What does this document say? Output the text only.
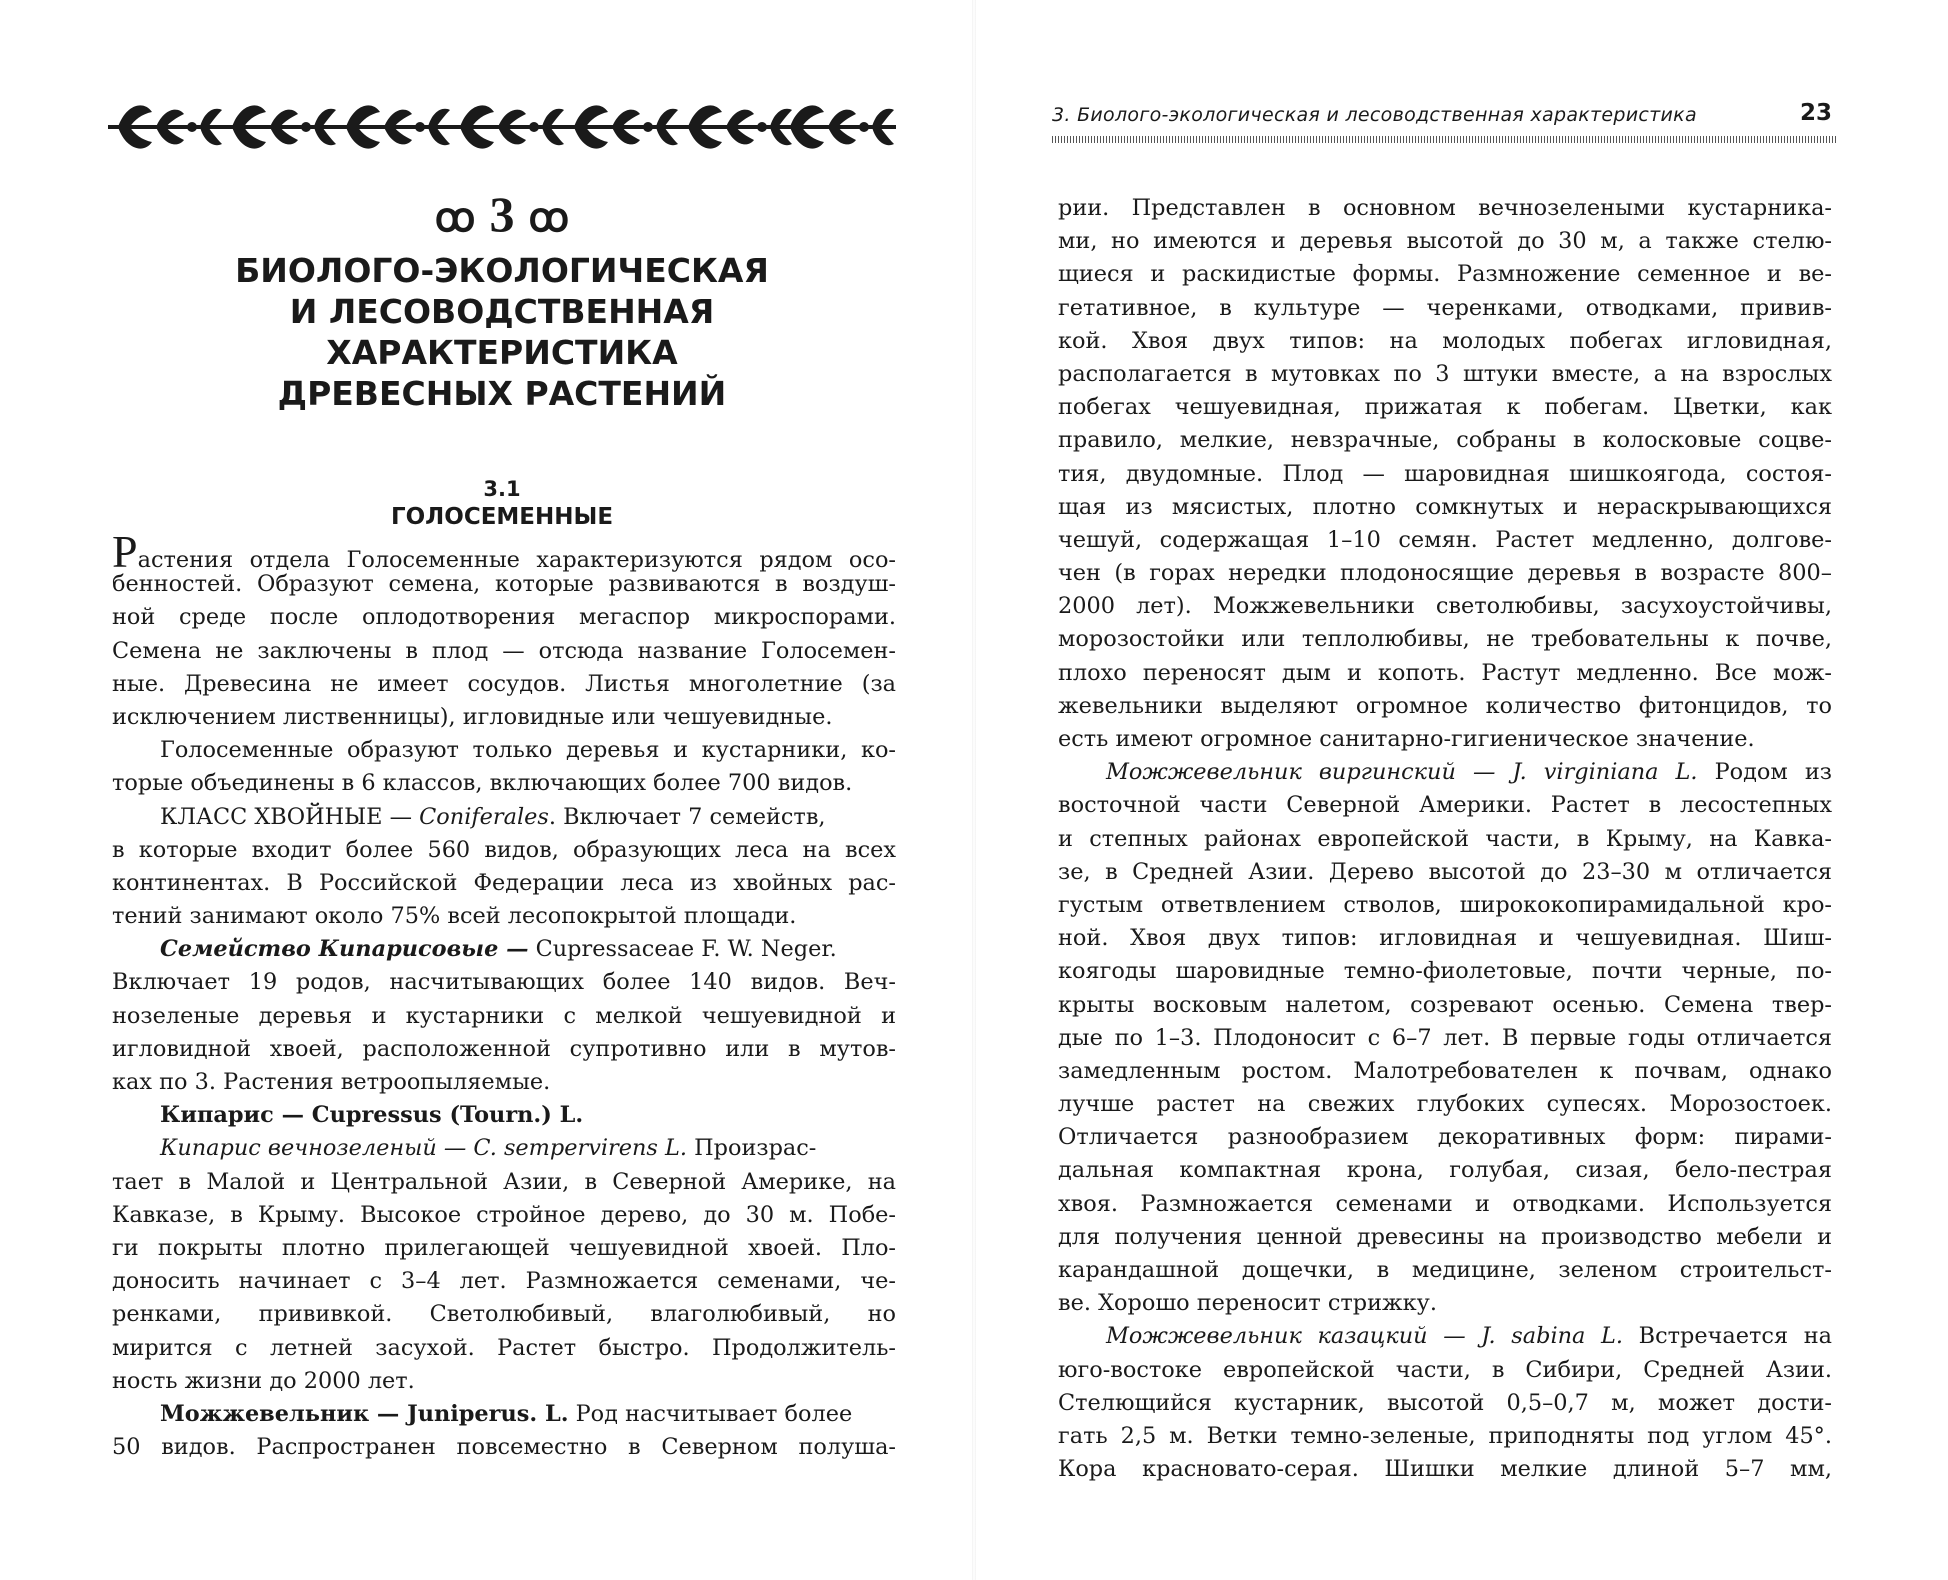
ꝏ 3 ꝏ
БИОЛОГО-ЭКОЛОГИЧЕСКАЯ
И ЛЕСОВОДСТВЕННАЯ
ХАРАКТЕРИСТИКА
ДРЕВЕСНЫХ РАСТЕНИЙ
3.1
ГОЛОСЕМЕННЫЕ
Растения отдела Голосеменные характеризуются рядом осо-
бенностей. Образуют семена, которые развиваются в воздуш-
ной среде после оплодотворения мегаспор микроспорами.
Семена не заключены в плод — отсюда название Голосемен-
ные. Древесина не имеет сосудов. Листья многолетние (за
исключением лиственницы), игловидные или чешуевидные.
Голосеменные образуют только деревья и кустарники, ко-
торые объединены в 6 классов, включающих более 700 видов.
КЛАСС ХВОЙНЫЕ — Coniferales. Включает 7 семейств,
в которые входит более 560 видов, образующих леса на всех
континентах. В Российской Федерации леса из хвойных рас-
тений занимают около 75% всей лесопокрытой площади.
Семейство Кипарисовые — Cupressaceae F. W. Neger.
Включает 19 родов, насчитывающих более 140 видов. Веч-
нозеленые деревья и кустарники с мелкой чешуевидной и
игловидной хвоей, расположенной супротивно или в мутов-
ках по 3. Растения ветроопыляемые.
Кипарис — Cupressus (Tourn.) L.
Кипарис вечнозеленый — C. sempervirens L. Произрас-
тает в Малой и Центральной Азии, в Северной Америке, на
Кавказе, в Крыму. Высокое стройное дерево, до 30 м. Побе-
ги покрыты плотно прилегающей чешуевидной хвоей. Пло-
доносить начинает с 3–4 лет. Размножается семенами, че-
ренками, прививкой. Светолюбивый, влаголюбивый, но
мирится с летней засухой. Растет быстро. Продолжитель-
ность жизни до 2000 лет.
Можжевельник — Juniperus. L. Род насчитывает более
50 видов. Распространен повсеместно в Северном полуша-
3. Биолого-экологическая и лесоводственная характеристика	23
рии. Представлен в основном вечнозелеными кустарника-
ми, но имеются и деревья высотой до 30 м, а также стелю-
щиеся и раскидистые формы. Размножение семенное и ве-
гетативное, в культуре — черенками, отводками, привив-
кой. Хвоя двух типов: на молодых побегах игловидная,
располагается в мутовках по 3 штуки вместе, а на взрослых
побегах чешуевидная, прижатая к побегам. Цветки, как
правило, мелкие, невзрачные, собраны в колосковые соцве-
тия, двудомные. Плод — шаровидная шишкоягода, состоя-
щая из мясистых, плотно сомкнутых и нераскрывающихся
чешуй, содержащая 1–10 семян. Растет медленно, долгове-
чен (в горах нередки плодоносящие деревья в возрасте 800–
2000 лет). Можжевельники светолюбивы, засухоустойчивы,
морозостойки или теплолюбивы, не требовательны к почве,
плохо переносят дым и копоть. Растут медленно. Все мож-
жевельники выделяют огромное количество фитонцидов, то
есть имеют огромное санитарно-гигиеническое значение.
Можжевельник виргинский — J. virginiana L. Родом из
восточной части Северной Америки. Растет в лесостепных
и степных районах европейской части, в Крыму, на Кавка-
зе, в Средней Азии. Дерево высотой до 23–30 м отличается
густым ответвлением стволов, ширококопирамидальной кро-
ной. Хвоя двух типов: игловидная и чешуевидная. Шиш-
коягоды шаровидные темно-фиолетовые, почти черные, по-
крыты восковым налетом, созревают осенью. Семена твер-
дые по 1–3. Плодоносит с 6–7 лет. В первые годы отличается
замедленным ростом. Малотребователен к почвам, однако
лучше растет на свежих глубоких супесях. Морозостоек.
Отличается разнообразием декоративных форм: пирами-
дальная компактная крона, голубая, сизая, бело-пестрая
хвоя. Размножается семенами и отводками. Используется
для получения ценной древесины на производство мебели и
карандашной дощечки, в медицине, зеленом строительст-
ве. Хорошо переносит стрижку.
Можжевельник казацкий — J. sabina L. Встречается на
юго-востоке европейской части, в Сибири, Средней Азии.
Стелющийся кустарник, высотой 0,5–0,7 м, может дости-
гать 2,5 м. Ветки темно-зеленые, приподняты под углом 45°.
Кора красновато-серая. Шишки мелкие длиной 5–7 мм,
